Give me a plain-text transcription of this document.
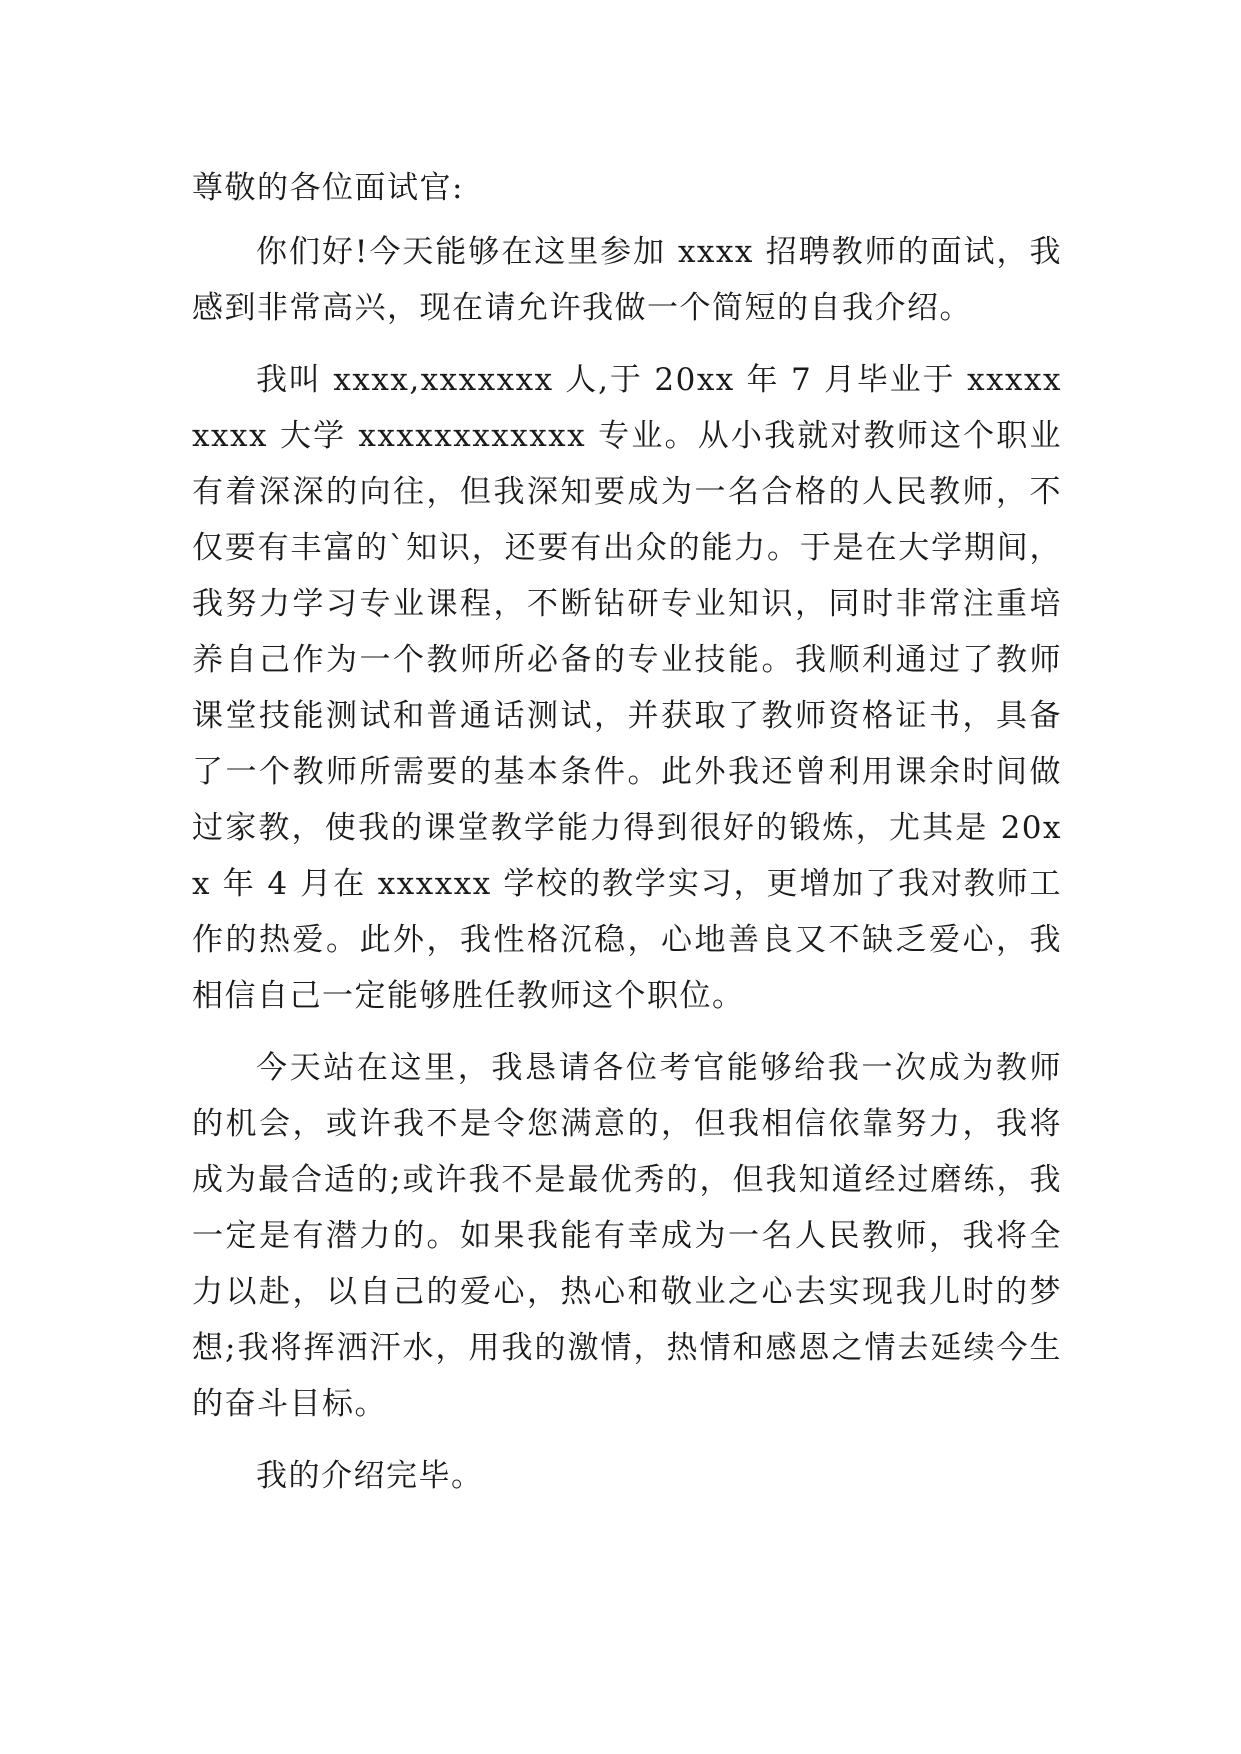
尊敬的各位面试官:

你们好!今天能够在这里参加 xxxx 招聘教师的面试，我感到非常高兴，现在请允许我做一个简短的自我介绍。

我叫 xxxx,xxxxxxx 人,于 20xx 年 7 月毕业于 xxxxxxxxx 大学 xxxxxxxxxxxx 专业。从小我就对教师这个职业有着深深的向往，但我深知要成为一名合格的人民教师，不仅要有丰富的`知识，还要有出众的能力。于是在大学期间，我努力学习专业课程，不断钻研专业知识，同时非常注重培养自己作为一个教师所必备的专业技能。我顺利通过了教师课堂技能测试和普通话测试，并获取了教师资格证书，具备了一个教师所需要的基本条件。此外我还曾利用课余时间做过家教，使我的课堂教学能力得到很好的锻炼，尤其是 20xx 年 4 月在 xxxxxx 学校的教学实习，更增加了我对教师工作的热爱。此外，我性格沉稳，心地善良又不缺乏爱心，我相信自己一定能够胜任教师这个职位。

今天站在这里，我恳请各位考官能够给我一次成为教师的机会，或许我不是令您满意的，但我相信依靠努力，我将成为最合适的;或许我不是最优秀的，但我知道经过磨练，我一定是有潜力的。如果我能有幸成为一名人民教师，我将全力以赴，以自己的爱心，热心和敬业之心去实现我儿时的梦想;我将挥洒汗水，用我的激情，热情和感恩之情去延续今生的奋斗目标。

我的介绍完毕。
